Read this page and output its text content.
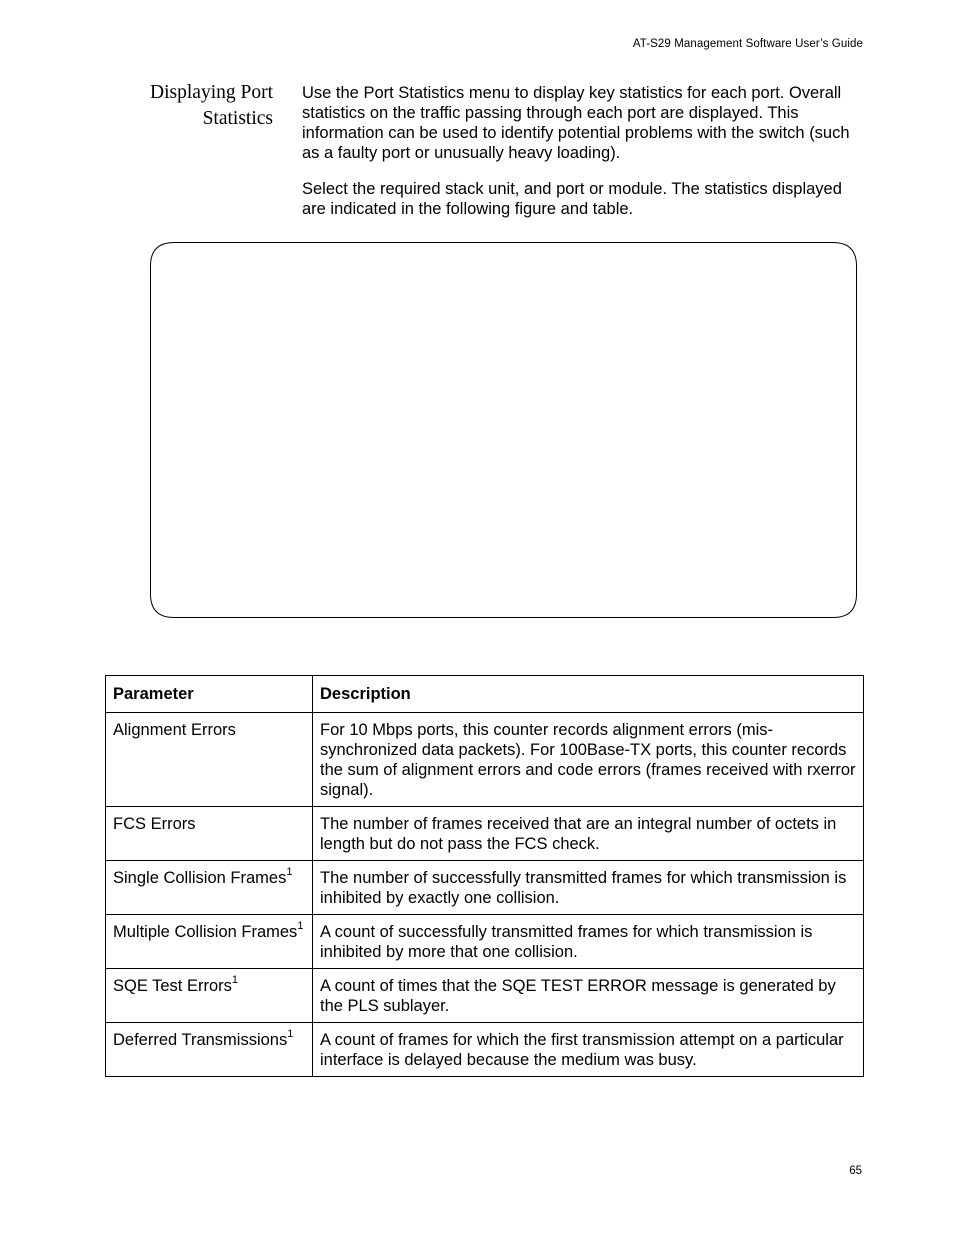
AT-S29 Management Software User’s Guide
Displaying Port
Statistics

Use the Port Statistics menu to display key statistics for each port. Overall statistics on the traffic passing through each port are displayed. This information can be used to identify potential problems with the switch (such as a faulty port or unusually heavy loading).

Select the required stack unit, and port or module. The statistics displayed are indicated in the following figure and table.

Parameter	Description
Alignment Errors	For 10 Mbps ports, this counter records alignment errors (mis-synchronized data packets). For 100Base-TX ports, this counter records the sum of alignment errors and code errors (frames received with rxerror signal).
FCS Errors	The number of frames received that are an integral number of octets in length but do not pass the FCS check.
Single Collision Frames$^1$	The number of successfully transmitted frames for which transmission is inhibited by exactly one collision.
Multiple Collision Frames$^1$	A count of successfully transmitted frames for which transmission is inhibited by more that one collision.
SQE Test Errors$^1$	A count of times that the SQE TEST ERROR message is generated by the PLS sublayer.
Deferred Transmissions$^1$	A count of frames for which the first transmission attempt on a particular interface is delayed because the medium was busy.
65
